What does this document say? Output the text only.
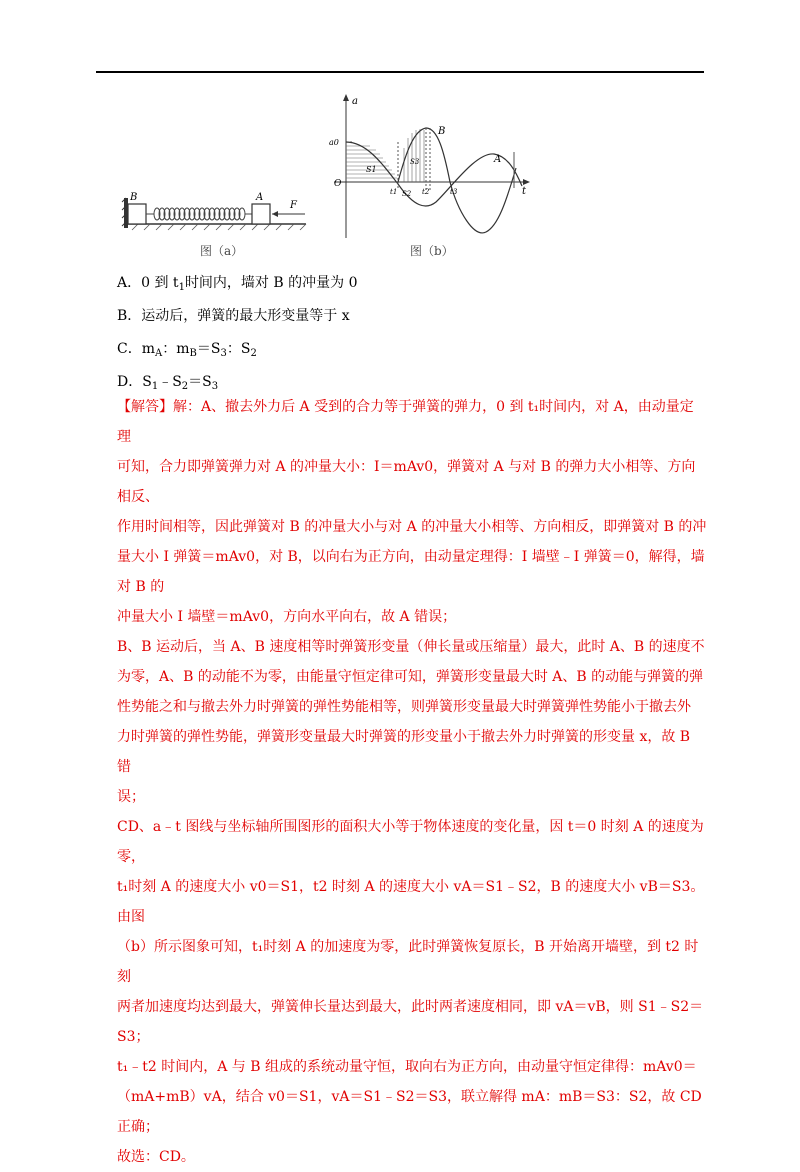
B	A
F
图（a）
a
t
O
a0
S1
S2
S3
t1	t2	t3
B
A
图（b）
A．0 到 $t_1$时间内，墙对 B 的冲量为 0
B．运动后，弹簧的最大形变量等于 x
C．$m_A$：$m_B=S_3$：$S_2$
D．$S_1﹣S_2=S_3$

【解答】解：A、撤去外力后 A 受到的合力等于弹簧的弹力，0 到 t₁时间内，对 A，由动量定理

可知，合力即弹簧弹力对 A 的冲量大小：I＝mAv0，弹簧对 A 与对 B 的弹力大小相等、方向相反、

作用时间相等，因此弹簧对 B 的冲量大小与对 A 的冲量大小相等、方向相反，即弹簧对 B 的冲

量大小 I 弹簧＝mAv0，对 B，以向右为正方向，由动量定理得：I 墙壁﹣I 弹簧＝0，解得，墙对 B 的

冲量大小 I 墙壁＝mAv0，方向水平向右，故 A 错误；

B、B 运动后，当 A、B 速度相等时弹簧形变量（伸长量或压缩量）最大，此时 A、B 的速度不

为零，A、B 的动能不为零，由能量守恒定律可知，弹簧形变量最大时 A、B 的动能与弹簧的弹

性势能之和与撤去外力时弹簧的弹性势能相等，则弹簧形变量最大时弹簧弹性势能小于撤去外

力时弹簧的弹性势能，弹簧形变量最大时弹簧的形变量小于撤去外力时弹簧的形变量 x，故 B 错

误；

CD、a﹣t 图线与坐标轴所围图形的面积大小等于物体速度的变化量，因 t＝0 时刻 A 的速度为零，

t₁时刻 A 的速度大小 v0＝S1，t2 时刻 A 的速度大小 vA＝S1﹣S2，B 的速度大小 vB＝S3。由图

（b）所示图象可知，t₁时刻 A 的加速度为零，此时弹簧恢复原长，B 开始离开墙壁，到 t2 时刻

两者加速度均达到最大，弹簧伸长量达到最大，此时两者速度相同，即 vA＝vB，则 S1﹣S2＝

S3；

t₁﹣t2 时间内，A 与 B 组成的系统动量守恒，取向右为正方向，由动量守恒定律得：mAv0＝

（mA+mB）vA，结合 v0＝S1，vA＝S1﹣S2＝S3，联立解得 mA：mB＝S3：S2，故 CD 正确；

故选：CD。
